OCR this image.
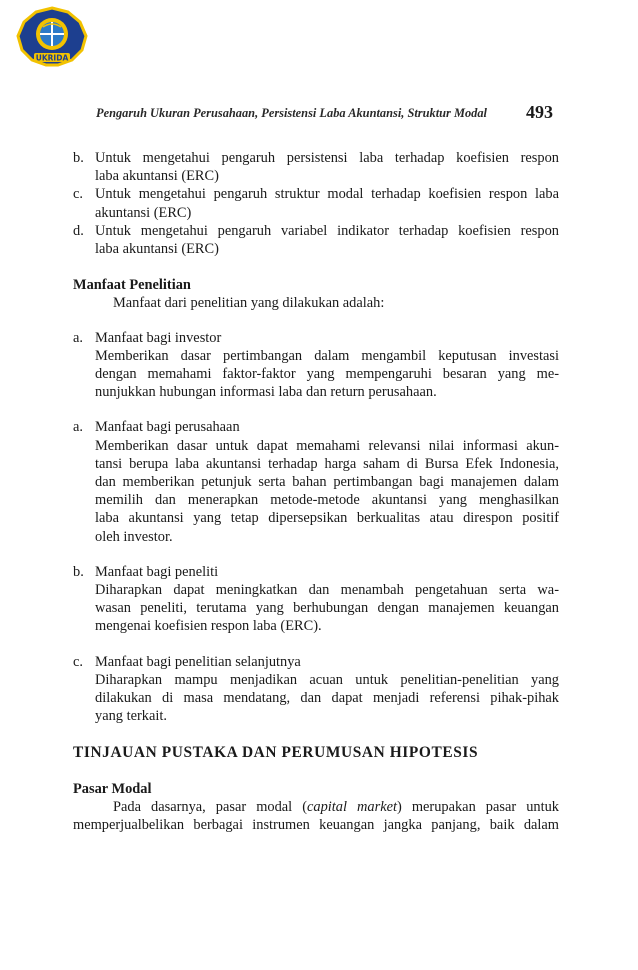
UKRIDA
Pengaruh Ukuran Perusahaan, Persistensi Laba Akuntansi, Struktur Modal 493
b. Untuk mengetahui pengaruh persistensi laba terhadap koefisien respon
laba akuntansi (ERC)
c. Untuk mengetahui pengaruh struktur modal terhadap koefisien respon laba
akuntansi (ERC)
d. Untuk mengetahui pengaruh variabel indikator terhadap koefisien respon
laba akuntansi (ERC)
Manfaat Penelitian
Manfaat dari penelitian yang dilakukan adalah:
a. Manfaat bagi investor
Memberikan dasar pertimbangan dalam mengambil keputusan investasi
dengan memahami faktor-faktor yang mempengaruhi besaran yang me-
nunjukkan hubungan informasi laba dan return perusahaan.
a. Manfaat bagi perusahaan
Memberikan dasar untuk dapat memahami relevansi nilai informasi akun-
tansi berupa laba akuntansi terhadap harga saham di Bursa Efek Indonesia,
dan memberikan petunjuk serta bahan pertimbangan bagi manajemen dalam
memilih dan menerapkan metode-metode akuntansi yang menghasilkan
laba akuntansi yang tetap dipersepsikan berkualitas atau direspon positif
oleh investor.
b. Manfaat bagi peneliti
Diharapkan dapat meningkatkan dan menambah pengetahuan serta wa-
wasan peneliti, terutama yang berhubungan dengan manajemen keuangan
mengenai koefisien respon laba (ERC).
c. Manfaat bagi penelitian selanjutnya
Diharapkan mampu menjadikan acuan untuk penelitian-penelitian yang
dilakukan di masa mendatang, dan dapat menjadi referensi pihak-pihak
yang terkait.
TINJAUAN PUSTAKA DAN PERUMUSAN HIPOTESIS
Pasar Modal
Pada dasarnya, pasar modal (capital market) merupakan pasar untuk
memperjualbelikan berbagai instrumen keuangan jangka panjang, baik dalam
